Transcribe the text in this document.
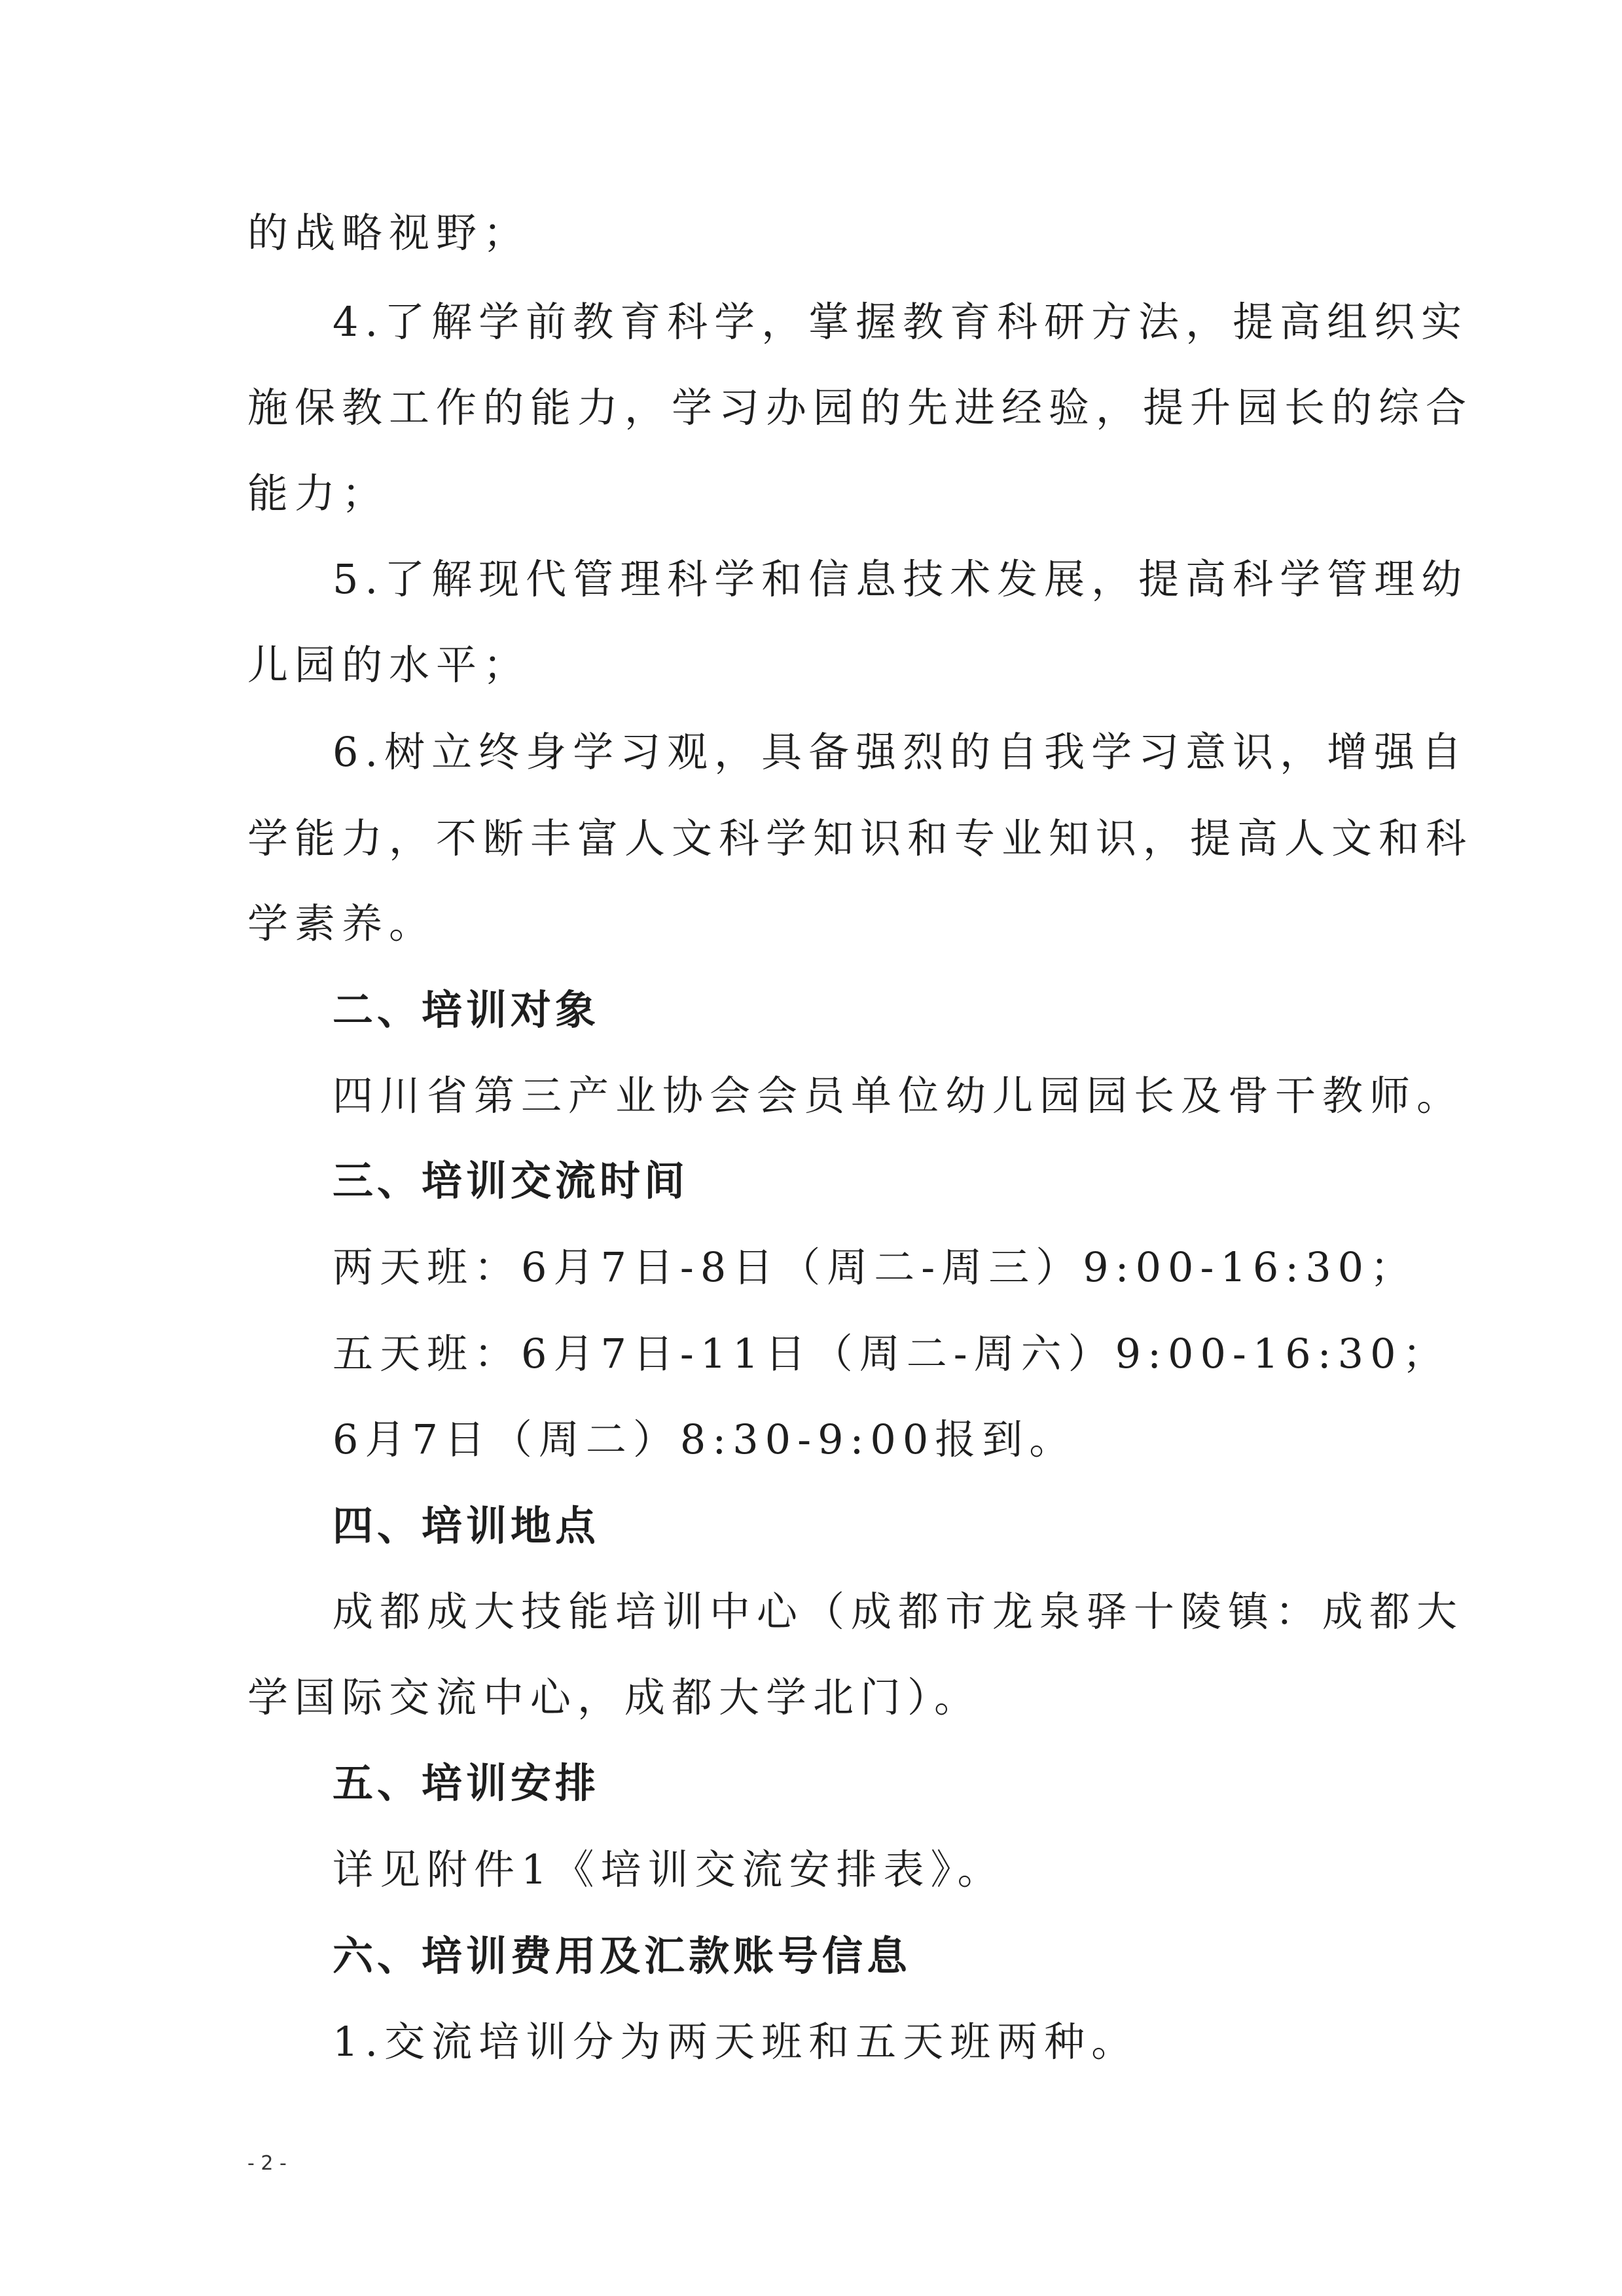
的战略视野；
4.了解学前教育科学，掌握教育科研方法，提高组织实
施保教工作的能力，学习办园的先进经验，提升园长的综合
能力；
5.了解现代管理科学和信息技术发展，提高科学管理幼
儿园的水平；
6.树立终身学习观，具备强烈的自我学习意识，增强自
学能力，不断丰富人文科学知识和专业知识，提高人文和科
学素养。
二、培训对象
四川省第三产业协会会员单位幼儿园园长及骨干教师。
三、培训交流时间
两天班：6月7日-8日（周二-周三）9:00-16:30；
五天班：6月7日-11日（周二-周六）9:00-16:30；
6月7日（周二）8:30-9:00报到。
四、培训地点
成都成大技能培训中心（成都市龙泉驿十陵镇：成都大
学国际交流中心，成都大学北门）。
五、培训安排
详见附件1《培训交流安排表》。
六、培训费用及汇款账号信息
1.交流培训分为两天班和五天班两种。
- 2 -
